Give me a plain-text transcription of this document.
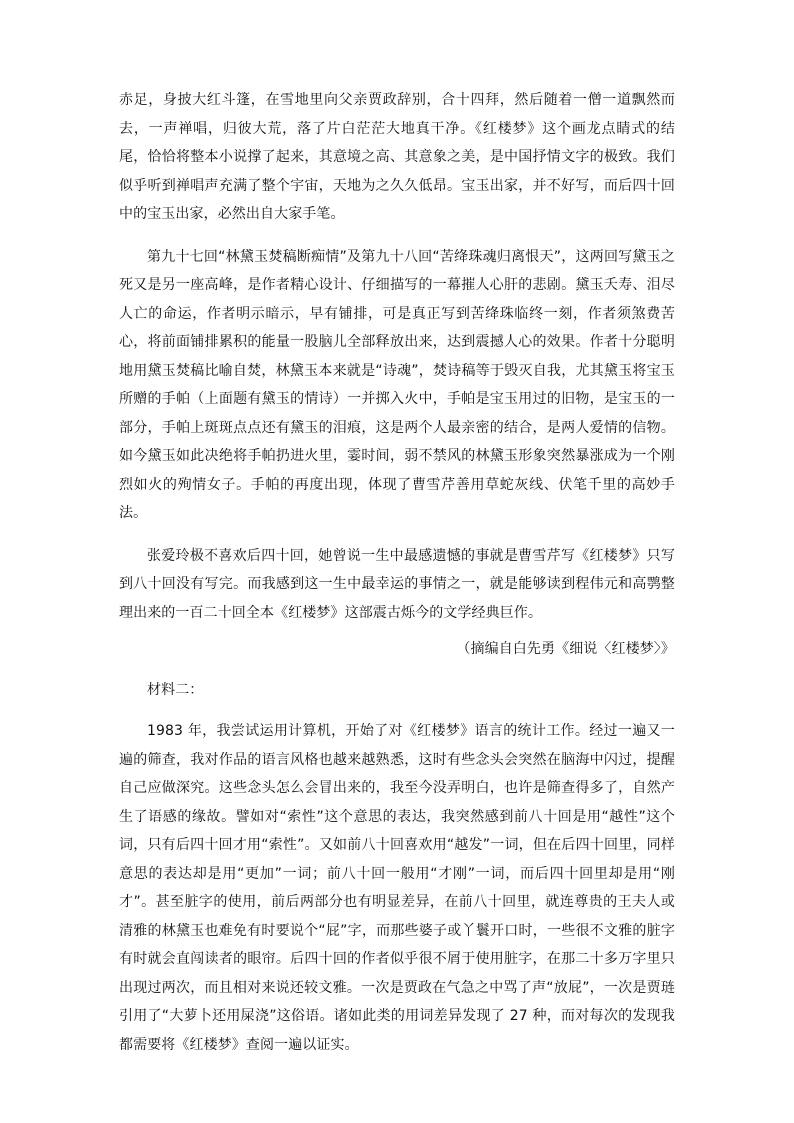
赤足，身披大红斗篷，在雪地里向父亲贾政辞别，合十四拜，然后随着一僧一道飘然而去，一声禅唱，归彼大荒，落了片白茫茫大地真干净。《红楼梦》这个画龙点睛式的结尾，恰恰将整本小说撑了起来，其意境之高、其意象之美，是中国抒情文字的极致。我们似乎听到禅唱声充满了整个宇宙，天地为之久久低昂。宝玉出家，并不好写，而后四十回中的宝玉出家，必然出自大家手笔。

第九十七回“林黛玉焚稿断痴情”及第九十八回“苦绛珠魂归离恨天”，这两回写黛玉之死又是另一座高峰，是作者精心设计、仔细描写的一幕摧人心肝的悲剧。黛玉夭寿、泪尽人亡的命运，作者明示暗示，早有铺排，可是真正写到苦绛珠临终一刻，作者须煞费苦心，将前面铺排累积的能量一股脑儿全部释放出来，达到震撼人心的效果。作者十分聪明地用黛玉焚稿比喻自焚，林黛玉本来就是“诗魂”，焚诗稿等于毁灭自我，尤其黛玉将宝玉所赠的手帕（上面题有黛玉的情诗）一并掷入火中，手帕是宝玉用过的旧物，是宝玉的一部分，手帕上斑斑点点还有黛玉的泪痕，这是两个人最亲密的结合，是两人爱情的信物。如今黛玉如此决绝将手帕扔进火里，霎时间，弱不禁风的林黛玉形象突然暴涨成为一个刚烈如火的殉情女子。手帕的再度出现，体现了曹雪芹善用草蛇灰线、伏笔千里的高妙手法。

张爱玲极不喜欢后四十回，她曾说一生中最感遗憾的事就是曹雪芹写《红楼梦》只写到八十回没有写完。而我感到这一生中最幸运的事情之一，就是能够读到程伟元和高鹗整理出来的一百二十回全本《红楼梦》这部震古烁今的文学经典巨作。

（摘编自白先勇《细说〈红楼梦〉》

材料二：

1983 年，我尝试运用计算机，开始了对《红楼梦》语言的统计工作。经过一遍又一遍的筛查，我对作品的语言风格也越来越熟悉，这时有些念头会突然在脑海中闪过，提醒自己应做深究。这些念头怎么会冒出来的，我至今没弄明白，也许是筛查得多了，自然产生了语感的缘故。譬如对“索性”这个意思的表达，我突然感到前八十回是用“越性”这个词，只有后四十回才用“索性”。又如前八十回喜欢用“越发”一词，但在后四十回里，同样意思的表达却是用“更加”一词；前八十回一般用“才刚”一词，而后四十回里却是用“刚才”。甚至脏字的使用，前后两部分也有明显差异，在前八十回里，就连尊贵的王夫人或清雅的林黛玉也难免有时要说个“屁”字，而那些婆子或丫鬟开口时，一些很不文雅的脏字有时就会直闯读者的眼帘。后四十回的作者似乎很不屑于使用脏字，在那二十多万字里只出现过两次，而且相对来说还较文雅。一次是贾政在气急之中骂了声“放屁”，一次是贾琏引用了“大萝卜还用屎浇”这俗语。诸如此类的用词差异发现了 27 种，而对每次的发现我都需要将《红楼梦》查阅一遍以证实。
